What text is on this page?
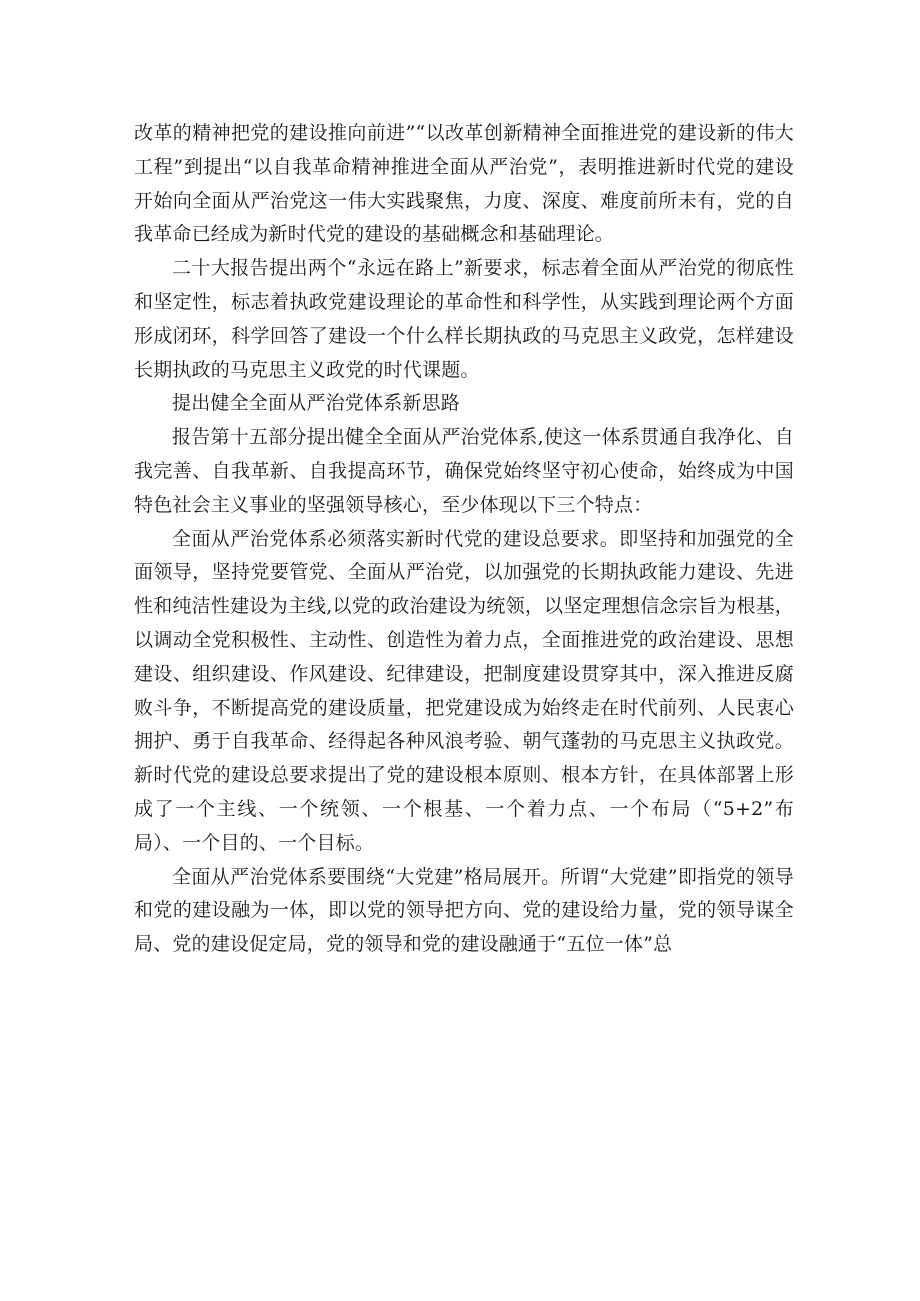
改革的精神把党的建设推向前进”“以改革创新精神全面推进党的建设新的伟大工程”到提出“以自我革命精神推进全面从严治党”，表明推进新时代党的建设开始向全面从严治党这一伟大实践聚焦，力度、深度、难度前所未有，党的自我革命已经成为新时代党的建设的基础概念和基础理论。

二十大报告提出两个“永远在路上”新要求，标志着全面从严治党的彻底性和坚定性，标志着执政党建设理论的革命性和科学性，从实践到理论两个方面形成闭环，科学回答了建设一个什么样长期执政的马克思主义政党，怎样建设长期执政的马克思主义政党的时代课题。

提出健全全面从严治党体系新思路

报告第十五部分提出健全全面从严治党体系,使这一体系贯通自我净化、自我完善、自我革新、自我提高环节，确保党始终坚守初心使命，始终成为中国特色社会主义事业的坚强领导核心，至少体现以下三个特点：

全面从严治党体系必须落实新时代党的建设总要求。即坚持和加强党的全面领导，坚持党要管党、全面从严治党，以加强党的长期执政能力建设、先进性和纯洁性建设为主线,以党的政治建设为统领，以坚定理想信念宗旨为根基，以调动全党积极性、主动性、创造性为着力点，全面推进党的政治建设、思想建设、组织建设、作风建设、纪律建设，把制度建设贯穿其中，深入推进反腐败斗争，不断提高党的建设质量，把党建设成为始终走在时代前列、人民衷心拥护、勇于自我革命、经得起各种风浪考验、朝气蓬勃的马克思主义执政党。新时代党的建设总要求提出了党的建设根本原则、根本方针，在具体部署上形成了一个主线、一个统领、一个根基、一个着力点、一个布局（“5+2”布局）、一个目的、一个目标。

全面从严治党体系要围绕“大党建”格局展开。所谓“大党建”即指党的领导和党的建设融为一体，即以党的领导把方向、党的建设给力量，党的领导谋全局、党的建设促定局，党的领导和党的建设融通于“五位一体”总
